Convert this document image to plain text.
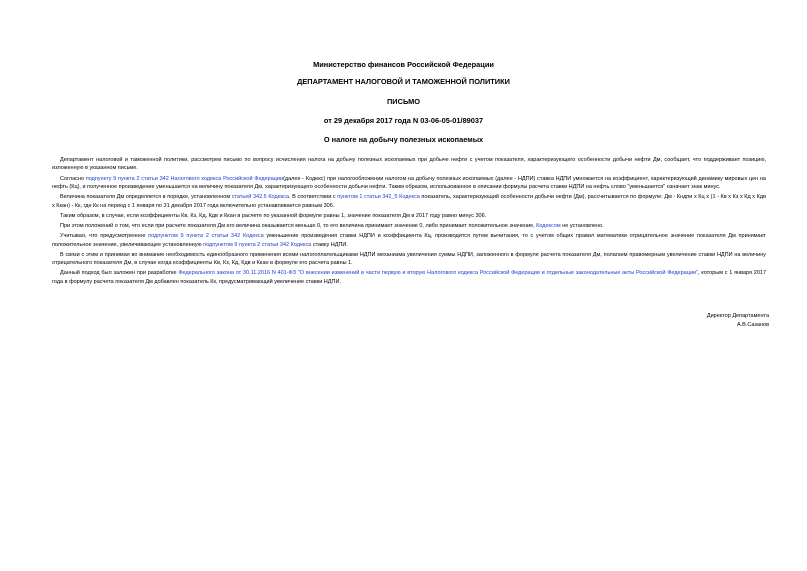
Министерство финансов Российской Федерации
ДЕПАРТАМЕНТ НАЛОГОВОЙ И ТАМОЖЕННОЙ ПОЛИТИКИ
ПИСЬМО
от 29 декабря 2017 года N 03-06-05-01/89037
О налоге на добычу полезных ископаемых

Департамент налоговой и таможенной политики, рассмотрев письмо по вопросу исчисления налога на добычу полезных ископаемых при добыче нефти с учетом показателя, характеризующего особенности добычи нефти Дм, сообщает, что поддерживает позицию, изложенную в указанном письме.

Согласно подпункту 9 пункта 2 статьи 342 Налогового кодекса Российской Федерации(далее - Кодекс) при налогообложении налогом на добычу полезных ископаемых (далее - НДПИ) ставка НДПИ умножается на коэффициент, характеризующий динамику мировых цен на нефть (Кц), и полученное произведение уменьшается на величину показателя Дм, характеризующего особенности добычи нефти. Таким образом, использованное в описании формулы расчета ставки НДПИ на нефть слово "уменьшается" означает знак минус.

Величина показателя Дм определяется в порядке, установленном статьей 342.5 Кодекса. В соответствии с пунктом 1 статьи 342_5 Кодекса показатель, характеризующий особенности добычи нефти (Дм), рассчитывается по формуле: Дм - Кндпи х Кц х (1 - Кв х Кз х Кд х Кдв х Ккан) - Кк, где Кк на период с 1 января по 31 декабря 2017 года включительно устанавливается равным 306.

Таким образом, в случае, если коэффициенты Кв, Кз, Кд, Кдв и Ккан в расчете по указанной формуле равны 1, значение показателя Дм в 2017 году равно минус 306.

При этом положений о том, что если при расчете показателя Дм его величина оказывается меньше 0, то его величина принимает значение 0, либо принимает положительное значение, Кодексом не установлено.

Учитывая, что предусмотренное подпунктом 9 пункта 2 статьи 342 Кодекса уменьшение произведения ставки НДПИ и коэффициента Кц, производится путем вычитания, то с учетом общих правил математики отрицательное значение показателя Дм принимает положительное значение, увеличивающее установленную подпунктом 9 пункта 2 статьи 342 Кодекса ставку НДПИ.

В связи с этим и принимая во внимание необходимость единообразного применения всеми налогоплательщиками НДПИ механизма увеличения суммы НДПИ, заложенного в формуле расчета показателя Дм, полагаем правомерным увеличение ставки НДПИ на величину отрицательного показателя Дм, в случае когда коэффициенты Кв, Кз, Кд, Кдв и Ккан в формуле его расчета равны 1.

Данный подход был заложен при разработке Федерального закона от 30.11.2016 N 401-ФЗ "О внесении изменений в части первую и вторую Налогового кодекса Российской Федерации и отдельные законодательные акты Российской Федерации", которым с 1 января 2017 года в формулу расчета показателя Дм добавлен показатель Кк, предусматривающий увеличение ставки НДПИ.

Директор Департамента
А.В.Сазанов
